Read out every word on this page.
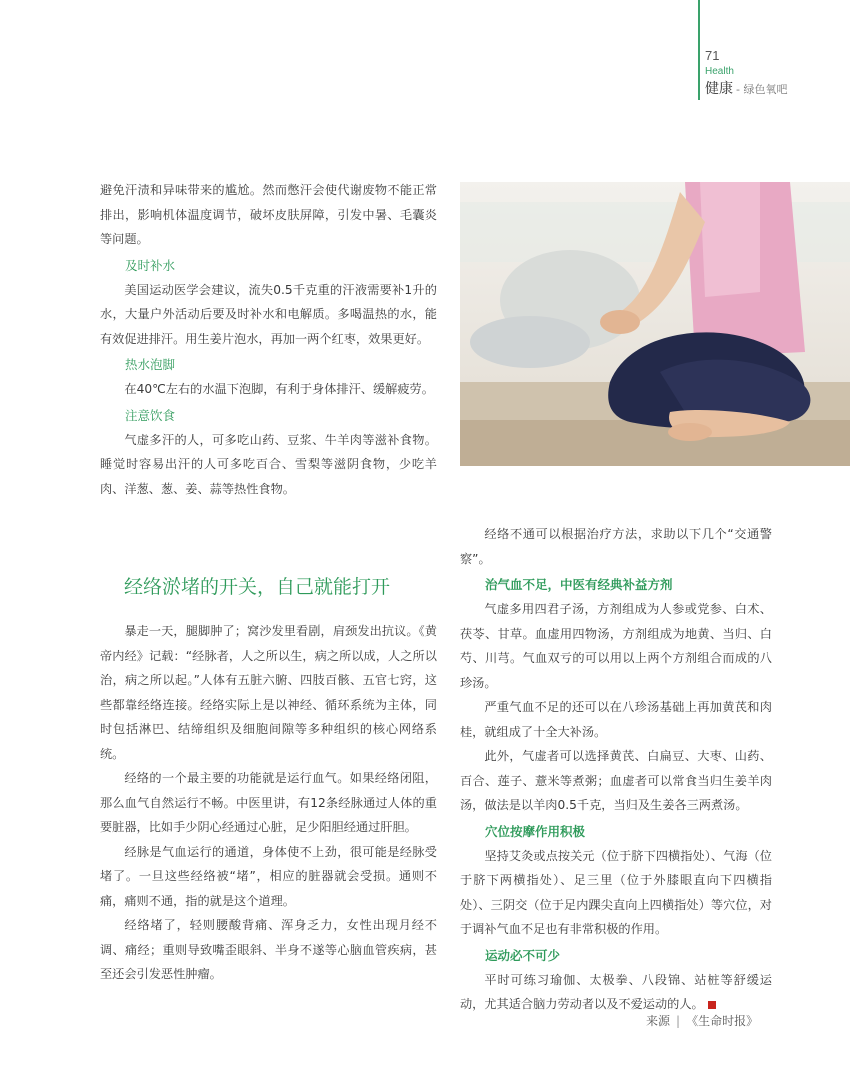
71
Health
健康 - 绿色氧吧

避免汗渍和异味带来的尴尬。然而憋汗会使代谢废物不能正常排出，影响机体温度调节，破坏皮肤屏障，引发中暑、毛囊炎等问题。

及时补水

美国运动医学会建议，流失0.5千克重的汗液需要补1升的水，大量户外活动后要及时补水和电解质。多喝温热的水，能有效促进排汗。用生姜片泡水，再加一两个红枣，效果更好。

热水泡脚

在40℃左右的水温下泡脚，有利于身体排汗、缓解疲劳。

注意饮食

气虚多汗的人，可多吃山药、豆浆、牛羊肉等滋补食物。睡觉时容易出汗的人可多吃百合、雪梨等滋阴食物，少吃羊肉、洋葱、葱、姜、蒜等热性食物。

经络淤堵的开关，自己就能打开

暴走一天，腿脚肿了；窝沙发里看剧，肩颈发出抗议。《黄帝内经》记载：“经脉者，人之所以生，病之所以成，人之所以治，病之所以起。”人体有五脏六腑、四肢百骸、五官七窍，这些都靠经络连接。经络实际上是以神经、循环系统为主体，同时包括淋巴、结缔组织及细胞间隙等多种组织的核心网络系统。

经络的一个最主要的功能就是运行血气。如果经络闭阻，那么血气自然运行不畅。中医里讲，有12条经脉通过人体的重要脏器，比如手少阴心经通过心脏，足少阳胆经通过肝胆。

经脉是气血运行的通道，身体使不上劲，很可能是经脉受堵了。一旦这些经络被“堵”，相应的脏器就会受损。通则不痛，痛则不通，指的就是这个道理。

经络堵了，轻则腰酸背痛、浑身乏力，女性出现月经不调、痛经；重则导致嘴歪眼斜、半身不遂等心脑血管疾病，甚至还会引发恶性肿瘤。

经络不通可以根据治疗方法，求助以下几个“交通警察”。

治气血不足，中医有经典补益方剂

气虚多用四君子汤，方剂组成为人参或党参、白术、茯苓、甘草。血虚用四物汤，方剂组成为地黄、当归、白芍、川芎。气血双亏的可以用以上两个方剂组合而成的八珍汤。

严重气血不足的还可以在八珍汤基础上再加黄芪和肉桂，就组成了十全大补汤。

此外，气虚者可以选择黄芪、白扁豆、大枣、山药、百合、莲子、薏米等煮粥；血虚者可以常食当归生姜羊肉汤，做法是以羊肉0.5千克，当归及生姜各三两煮汤。

穴位按摩作用积极

坚持艾灸或点按关元（位于脐下四横指处）、气海（位于脐下两横指处）、足三里（位于外膝眼直向下四横指处）、三阴交（位于足内踝尖直向上四横指处）等穴位，对于调补气血不足也有非常积极的作用。

运动必不可少

平时可练习瑜伽、太极拳、八段锦、站桩等舒缓运动，尤其适合脑力劳动者以及不爱运动的人。

来源 | 《生命时报》
